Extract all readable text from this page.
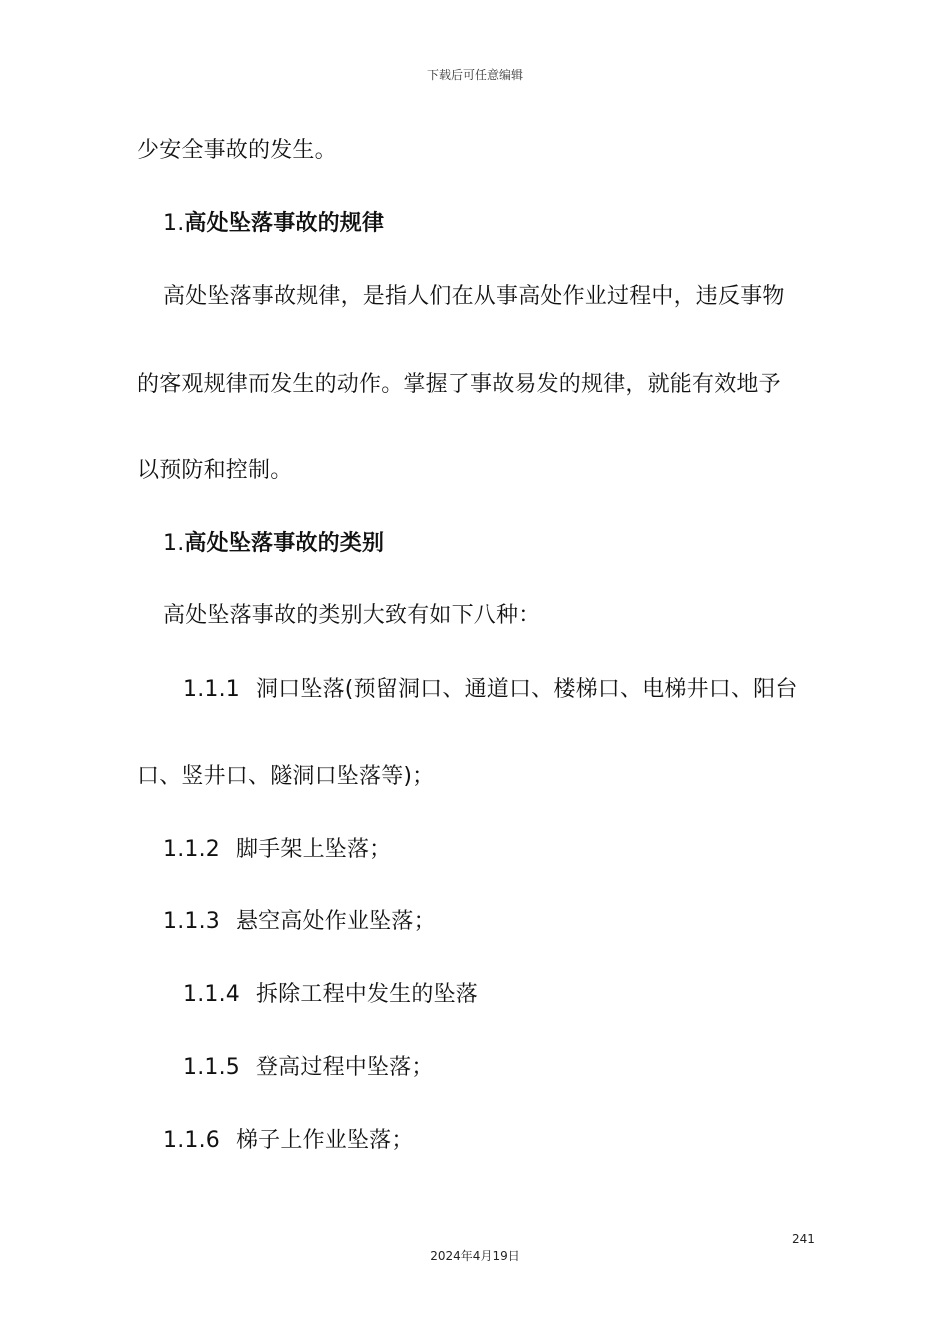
下载后可任意编辑
少安全事故的发生。
1.高处坠落事故的规律
高处坠落事故规律，是指人们在从事高处作业过程中，违反事物
的客观规律而发生的动作。掌握了事故易发的规律，就能有效地予
以预防和控制。
1.高处坠落事故的类别
高处坠落事故的类别大致有如下八种：
1.1.1 洞口坠落(预留洞口、通道口、楼梯口、电梯井口、阳台
口、竖井口、隧洞口坠落等)；
1.1.2 脚手架上坠落；
1.1.3 悬空高处作业坠落；
1.1.4 拆除工程中发生的坠落
1.1.5 登高过程中坠落；
1.1.6 梯子上作业坠落；
241
2024年4月19日
